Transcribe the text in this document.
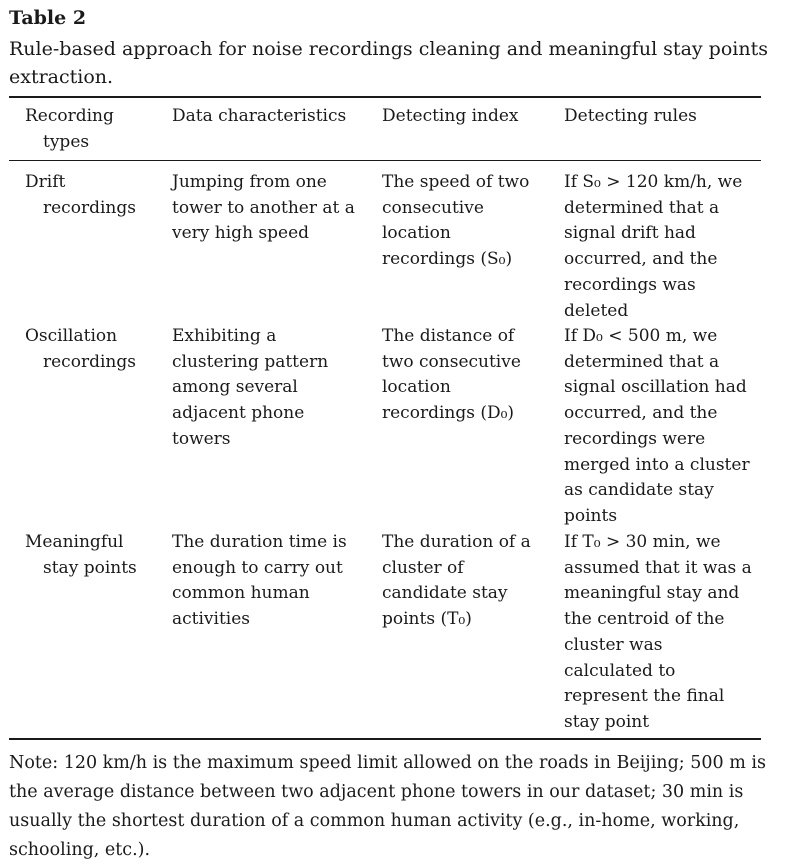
Table 2
Rule-based approach for noise recordings cleaning and meaningful stay points extraction.
Recording
types
Data characteristics	Detecting index	Detecting rules
Drift
recordings
Jumping from one
tower to another at a
very high speed
The speed of two
consecutive
location
recordings (S₀)
If S₀ > 120 km/h, we
determined that a
signal drift had
occurred, and the
recordings was
deleted
Oscillation
recordings
Exhibiting a
clustering pattern
among several
adjacent phone
towers
The distance of
two consecutive
location
recordings (D₀)
If D₀ < 500 m, we
determined that a
signal oscillation had
occurred, and the
recordings were
merged into a cluster
as candidate stay
points
Meaningful
stay points
The duration time is
enough to carry out
common human
activities
The duration of a
cluster of
candidate stay
points (T₀)
If T₀ > 30 min, we
assumed that it was a
meaningful stay and
the centroid of the
cluster was
calculated to
represent the final
stay point
Note: 120 km/h is the maximum speed limit allowed on the roads in Beijing; 500 m is the average distance between two adjacent phone towers in our dataset; 30 min is usually the shortest duration of a common human activity (e.g., in-home, working, schooling, etc.).
